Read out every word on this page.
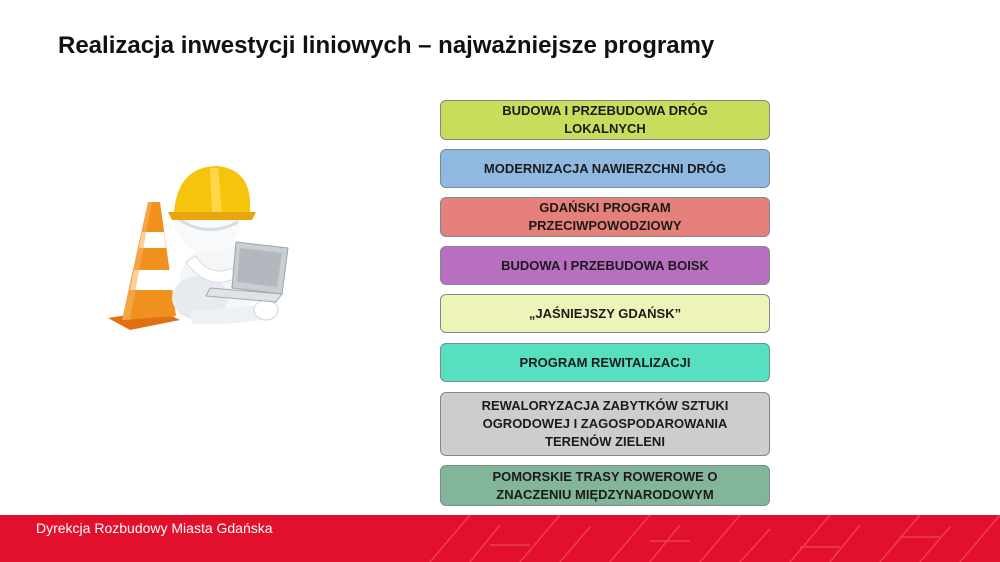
Realizacja inwestycji liniowych – najważniejsze programy
BUDOWA I PRZEBUDOWA DRÓG LOKALNYCH
MODERNIZACJA NAWIERZCHNI DRÓG
GDAŃSKI PROGRAM PRZECIWPOWODZIOWY
BUDOWA I PRZEBUDOWA BOISK
„JAŚNIEJSZY GDAŃSK”
PROGRAM REWITALIZACJI
REWALORYZACJA ZABYTKÓW SZTUKI OGRODOWEJ I ZAGOSPODAROWANIA TERENÓW ZIELENI
POMORSKIE TRASY ROWEROWE O ZNACZENIU MIĘDZYNARODOWYM
Dyrekcja Rozbudowy Miasta Gdańska
